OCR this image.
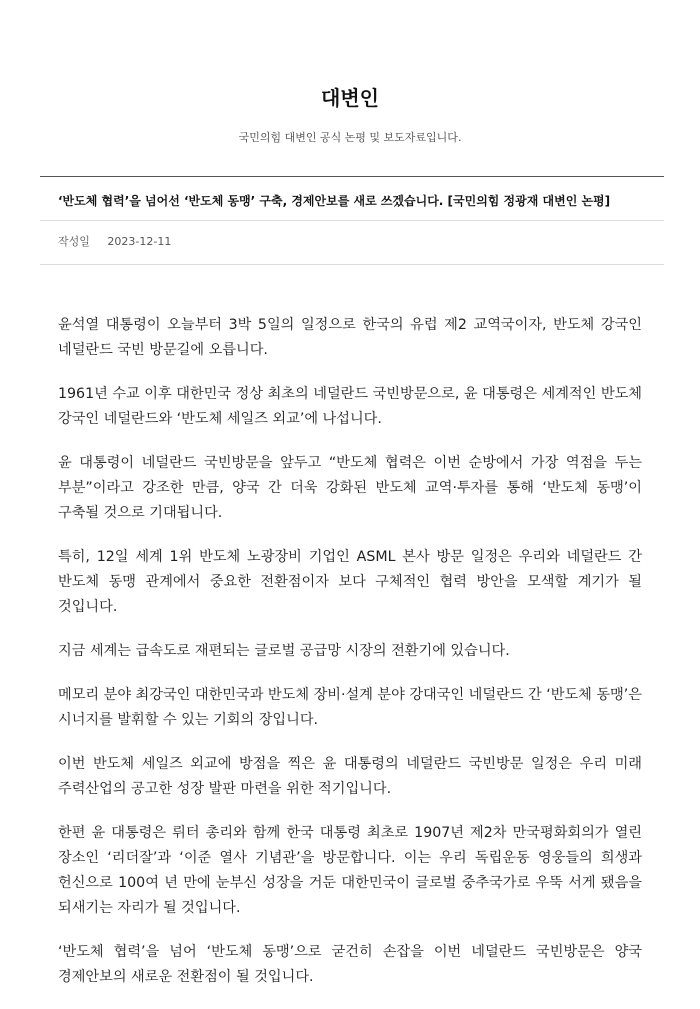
대변인
국민의힘 대변인 공식 논평 및 보도자료입니다.
‘반도체 협력’을 넘어선 ‘반도체 동맹’ 구축, 경제안보를 새로 쓰겠습니다. [국민의힘 정광재 대변인 논평]
작성일 2023-12-11

윤석열 대통령이 오늘부터 3박 5일의 일정으로 한국의 유럽 제2 교역국이자, 반도체 강국인 네덜란드 국빈 방문길에 오릅니다.

1961년 수교 이후 대한민국 정상 최초의 네덜란드 국빈방문으로, 윤 대통령은 세계적인 반도체 강국인 네덜란드와 ‘반도체 세일즈 외교’에 나섭니다.

윤 대통령이 네덜란드 국빈방문을 앞두고 “반도체 협력은 이번 순방에서 가장 역점을 두는 부분”이라고 강조한 만큼, 양국 간 더욱 강화된 반도체 교역·투자를 통해 ‘반도체 동맹’이 구축될 것으로 기대됩니다.

특히, 12일 세계 1위 반도체 노광장비 기업인 ASML 본사 방문 일정은 우리와 네덜란드 간 반도체 동맹 관계에서 중요한 전환점이자 보다 구체적인 협력 방안을 모색할 계기가 될 것입니다.

지금 세계는 급속도로 재편되는 글로벌 공급망 시장의 전환기에 있습니다.

메모리 분야 최강국인 대한민국과 반도체 장비·설계 분야 강대국인 네덜란드 간 ‘반도체 동맹’은 시너지를 발휘할 수 있는 기회의 장입니다.

이번 반도체 세일즈 외교에 방점을 찍은 윤 대통령의 네덜란드 국빈방문 일정은 우리 미래 주력산업의 공고한 성장 발판 마련을 위한 적기입니다.

한편 윤 대통령은 뤼터 총리와 함께 한국 대통령 최초로 1907년 제2차 만국평화회의가 열린 장소인 ‘리더잘’과 ‘이준 열사 기념관’을 방문합니다. 이는 우리 독립운동 영웅들의 희생과 헌신으로 100여 년 만에 눈부신 성장을 거둔 대한민국이 글로벌 중추국가로 우뚝 서게 됐음을 되새기는 자리가 될 것입니다.

‘반도체 협력’을 넘어 ‘반도체 동맹’으로 굳건히 손잡을 이번 네덜란드 국빈방문은 양국 경제안보의 새로운 전환점이 될 것입니다.
